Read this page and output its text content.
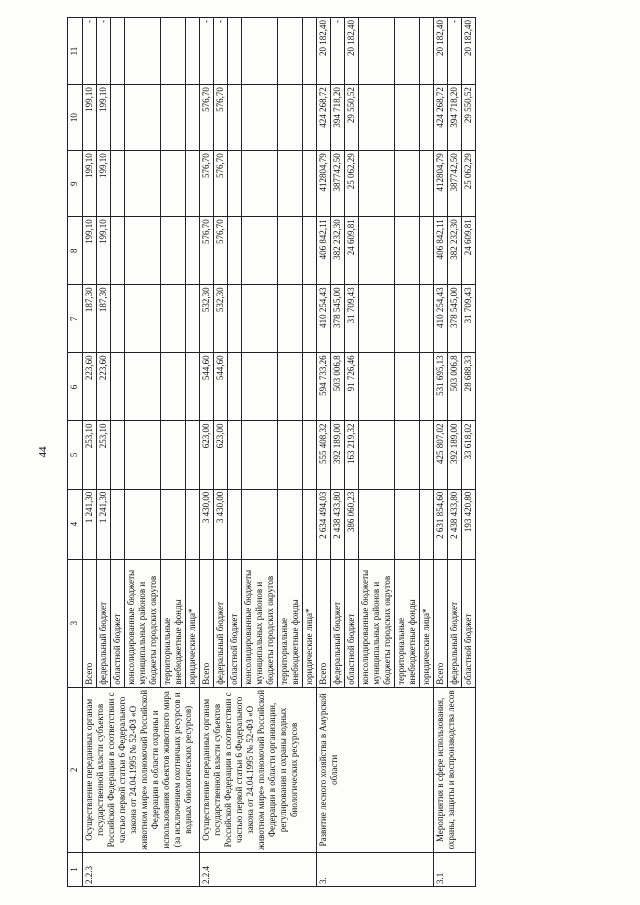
44
1	2	3	4	5	6	7	8	9	10	11
2.2.3	Осуществление переданных органам государственной власти субъектов Российской Федерации в соответствии с частью первой статьи 6 Федерального закона от 24.04.1995 № 52-ФЗ «О животном мире» полномочий Российской Федерации в области охраны и использования объектов животного мира (за исключением охотничьих ресурсов и водных биологических ресурсов)	Всего	1 241,30	253,10	223,60	187,30	199,10	199,10	199,10	-
		федеральный бюджет	1 241,30	253,10	223,60	187,30	199,10	199,10	199,10	-
		областной бюджет								
		консолидированные бюджеты муниципальных районов и бюджеты городских округов								
		территориальные внебюджетные фонды								
		юридические лица*								
2.2.4	Осуществление переданных органам государственной власти субъектов Российской Федерации в соответствии с частью первой статьи 6 Федерального закона от 24.04.1995 № 52-ФЗ «О животном мире» полномочий Российской Федерации в области организации, регулирования и охраны водных биологических ресурсов	Всего	3 430,00	623,00	544,60	532,30	576,70	576,70	576,70	-
		федеральный бюджет	3 430,00	623,00	544,60	532,30	576,70	576,70	576,70	-
		областной бюджет								
		консолидированные бюджеты муниципальных районов и бюджеты городских округов								
		территориальные внебюджетные фонды								
		юридические лица*								
3.	Развитие лесного хозяйства в Амурской области	Всего	2 634 494,03	555 408,32	594 733,26	410 254,43	406 842,11	412804,79	424 268,72	20 182,40
		федеральный бюджет	2 438 433,80	392 189,00	503 006,8	378 545,00	382 232,30	387742,50	394 718,20	-
		областной бюджет	386 060,23	163 219,32	91 726,46	31 709,43	24 609,81	25 062,29	29 550,52	20 182,40
		консолидированные бюджеты муниципальных районов и бюджеты городских округов								
		территориальные внебюджетные фонды								
		юридические лица*								
3.1	Мероприятия в сфере использования, охраны, защиты и воспроизводства лесов	Всего	2 631 854,60	425 807,02	531 695,13	410 254,43	406 842,11	412804,79	424 268,72	20 182,40
		федеральный бюджет	2 438 433,80	392 189,00	503 006,8	378 545,00	382 232,30	387742,50	394 718,20	-
		областной бюджет	193 420,80	33 618,02	28 688,33	31 709,43	24 609,81	25 062,29	29 550,52	20 182,40
